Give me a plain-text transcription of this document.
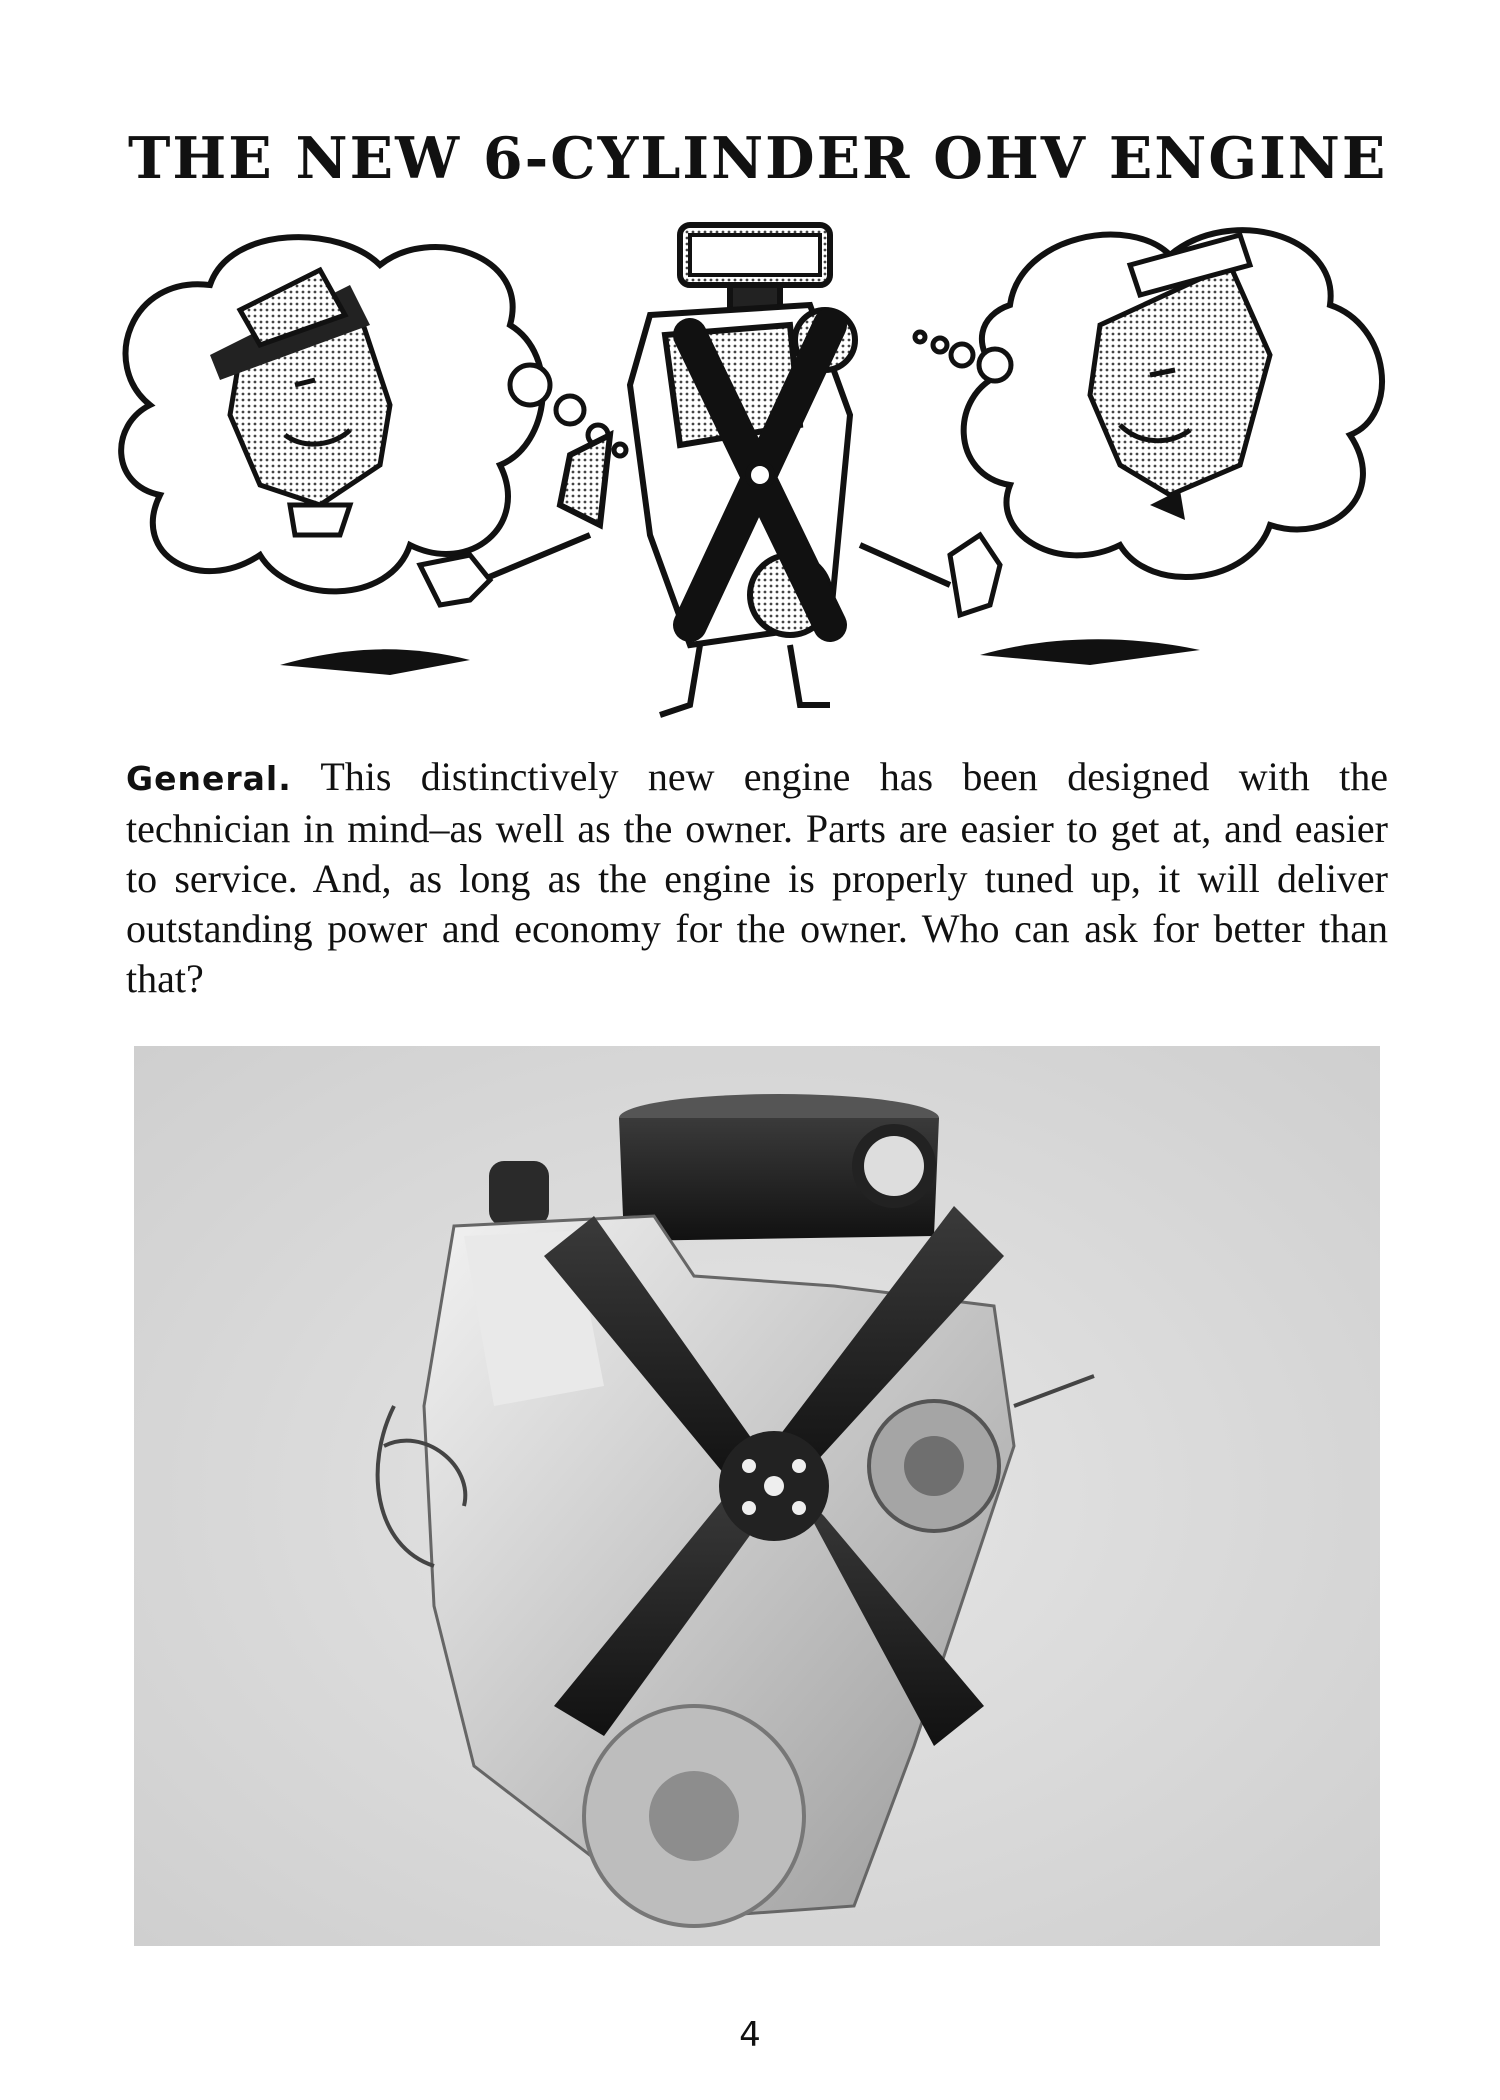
THE NEW 6-CYLINDER OHV ENGINE

General. This distinctively new engine has been designed with the technician in mind–as well as the owner. Parts are easier to get at, and easier to service. And, as long as the engine is properly tuned up, it will deliver outstanding power and economy for the owner. Who can ask for better than that?

4
